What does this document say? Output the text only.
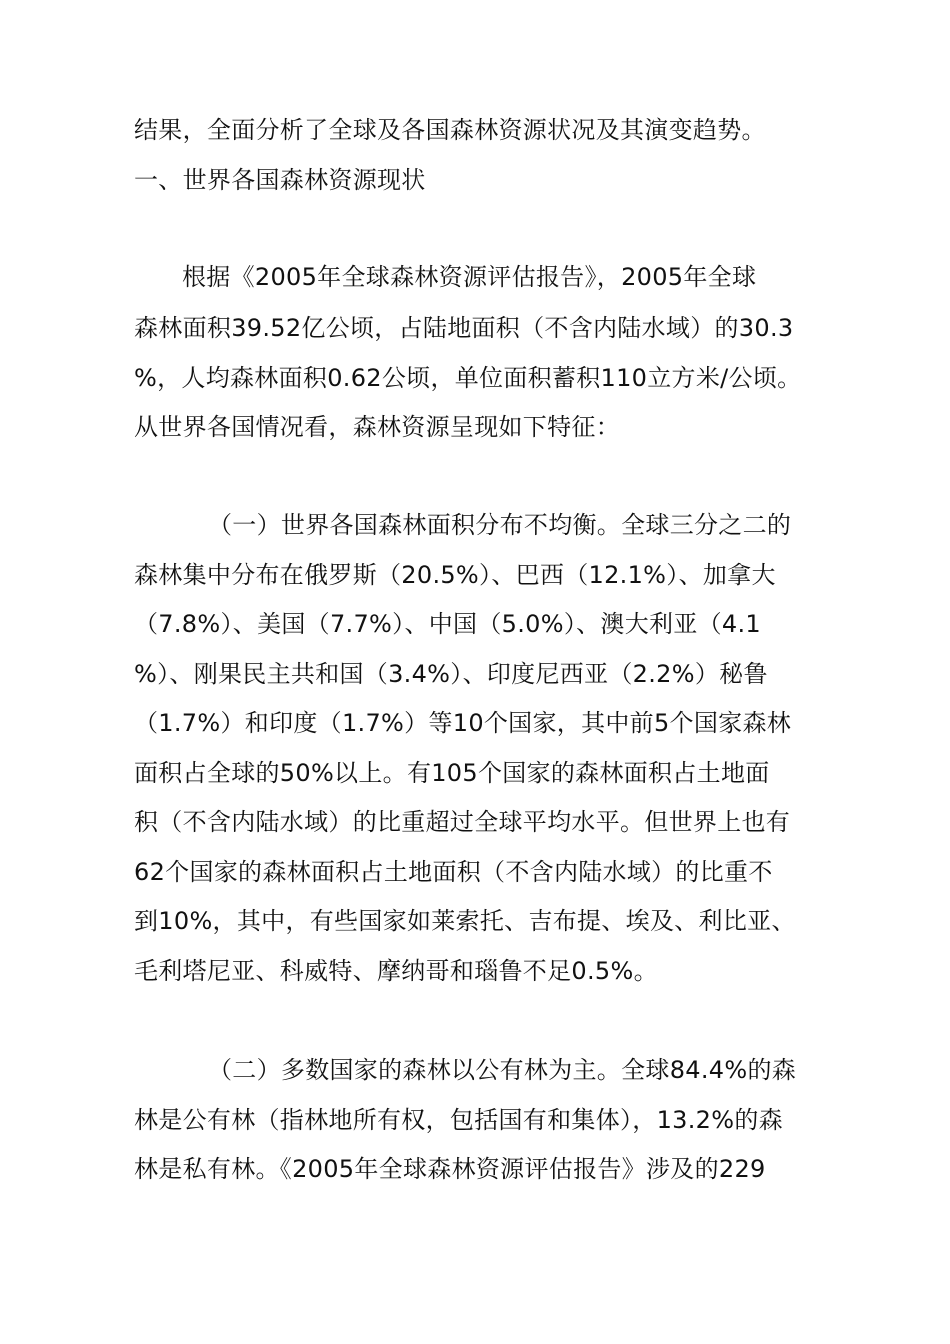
结果，全面分析了全球及各国森林资源状况及其演变趋势。
一、世界各国森林资源现状
根据《2005年全球森林资源评估报告》，2005年全球
森林面积39.52亿公顷，占陆地面积（不含内陆水域）的30.3
%，人均森林面积0.62公顷，单位面积蓄积110立方米/公顷。
从世界各国情况看，森林资源呈现如下特征：
（一）世界各国森林面积分布不均衡。全球三分之二的
森林集中分布在俄罗斯（20.5%）、巴西（12.1%）、加拿大
（7.8%）、美国（7.7%）、中国（5.0%）、澳大利亚（4.1
%）、刚果民主共和国（3.4%）、印度尼西亚（2.2%）秘鲁
（1.7%）和印度（1.7%）等10个国家，其中前5个国家森林
面积占全球的50%以上。有105个国家的森林面积占土地面
积（不含内陆水域）的比重超过全球平均水平。但世界上也有
62个国家的森林面积占土地面积（不含内陆水域）的比重不
到10%，其中，有些国家如莱索托、吉布提、埃及、利比亚、
毛利塔尼亚、科威特、摩纳哥和瑙鲁不足0.5%。
（二）多数国家的森林以公有林为主。全球84.4%的森
林是公有林（指林地所有权，包括国有和集体），13.2%的森
林是私有林。《2005年全球森林资源评估报告》涉及的229
